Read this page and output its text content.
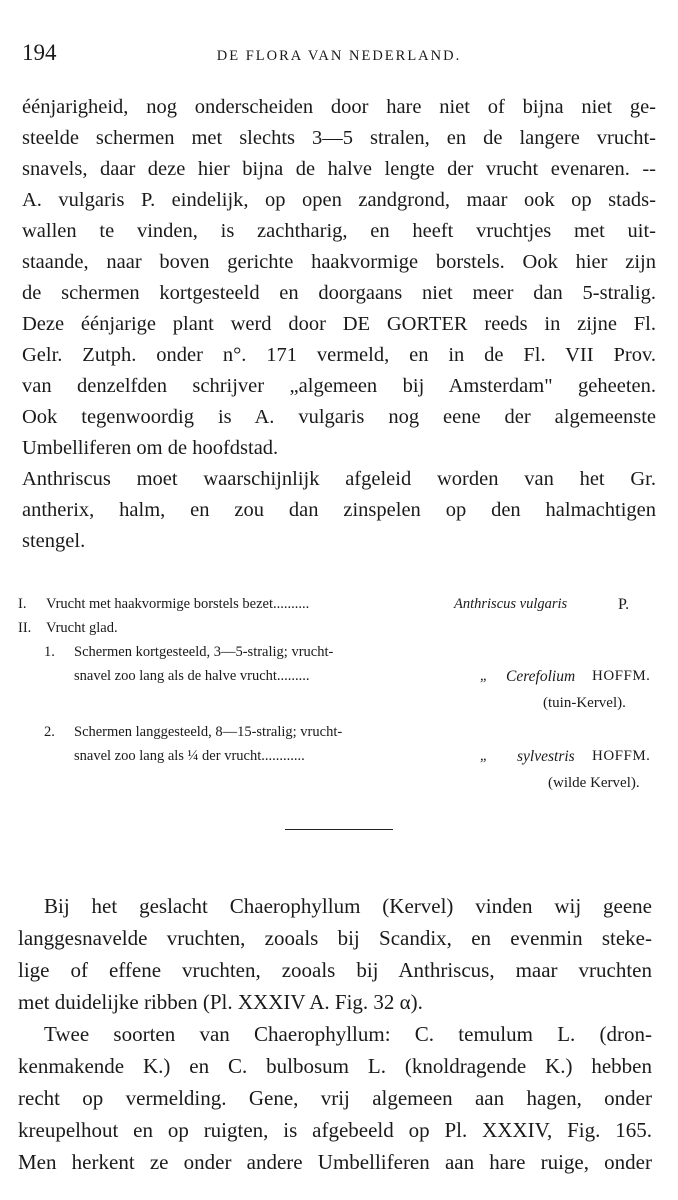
194	DE FLORA VAN NEDERLAND.
éénjarigheid, nog onderscheiden door hare niet of bijna niet ge-
steelde schermen met slechts 3—5 stralen, en de langere vrucht-
snavels, daar deze hier bijna de halve lengte der vrucht evenaren. --
A. vulgaris P. eindelijk, op open zandgrond, maar ook op stads-
wallen te vinden, is zachtharig, en heeft vruchtjes met uit-
staande, naar boven gerichte haakvormige borstels. Ook hier zijn
de schermen kortgesteeld en doorgaans niet meer dan 5-stralig.
Deze éénjarige plant werd door DE GORTER reeds in zijne Fl.
Gelr. Zutph. onder n°. 171 vermeld, en in de Fl. VII Prov.
van denzelfden schrijver „algemeen bij Amsterdam" geheeten.
Ook tegenwoordig is A. vulgaris nog eene der algemeenste
Umbelliferen om de hoofdstad.
Anthriscus moet waarschijnlijk afgeleid worden van het Gr.
antherix, halm, en zou dan zinspelen op den halmachtigen
stengel.
I. Vrucht met haakvormige borstels bezet..........	Anthriscus vulgaris	P.
II. Vrucht glad.
1. Schermen kortgesteeld, 3—5-stralig; vrucht-
snavel zoo lang als de halve vrucht.........	„ Cerefolium HOFFM.
(tuin-Kervel).
2. Schermen langgesteeld, 8—15-stralig; vrucht-
snavel zoo lang als ¼ der vrucht............	„ sylvestris HOFFM.
(wilde Kervel).
Bij het geslacht Chaerophyllum (Kervel) vinden wij geene
langgesnavelde vruchten, zooals bij Scandix, en evenmin steke-
lige of effene vruchten, zooals bij Anthriscus, maar vruchten
met duidelijke ribben (Pl. XXXIV A. Fig. 32 α).
Twee soorten van Chaerophyllum: C. temulum L. (dron-
kenmakende K.) en C. bulbosum L. (knoldragende K.) hebben
recht op vermelding. Gene, vrij algemeen aan hagen, onder
kreupelhout en op ruigten, is afgebeeld op Pl. XXXIV, Fig. 165.
Men herkent ze onder andere Umbelliferen aan hare ruige, onder
